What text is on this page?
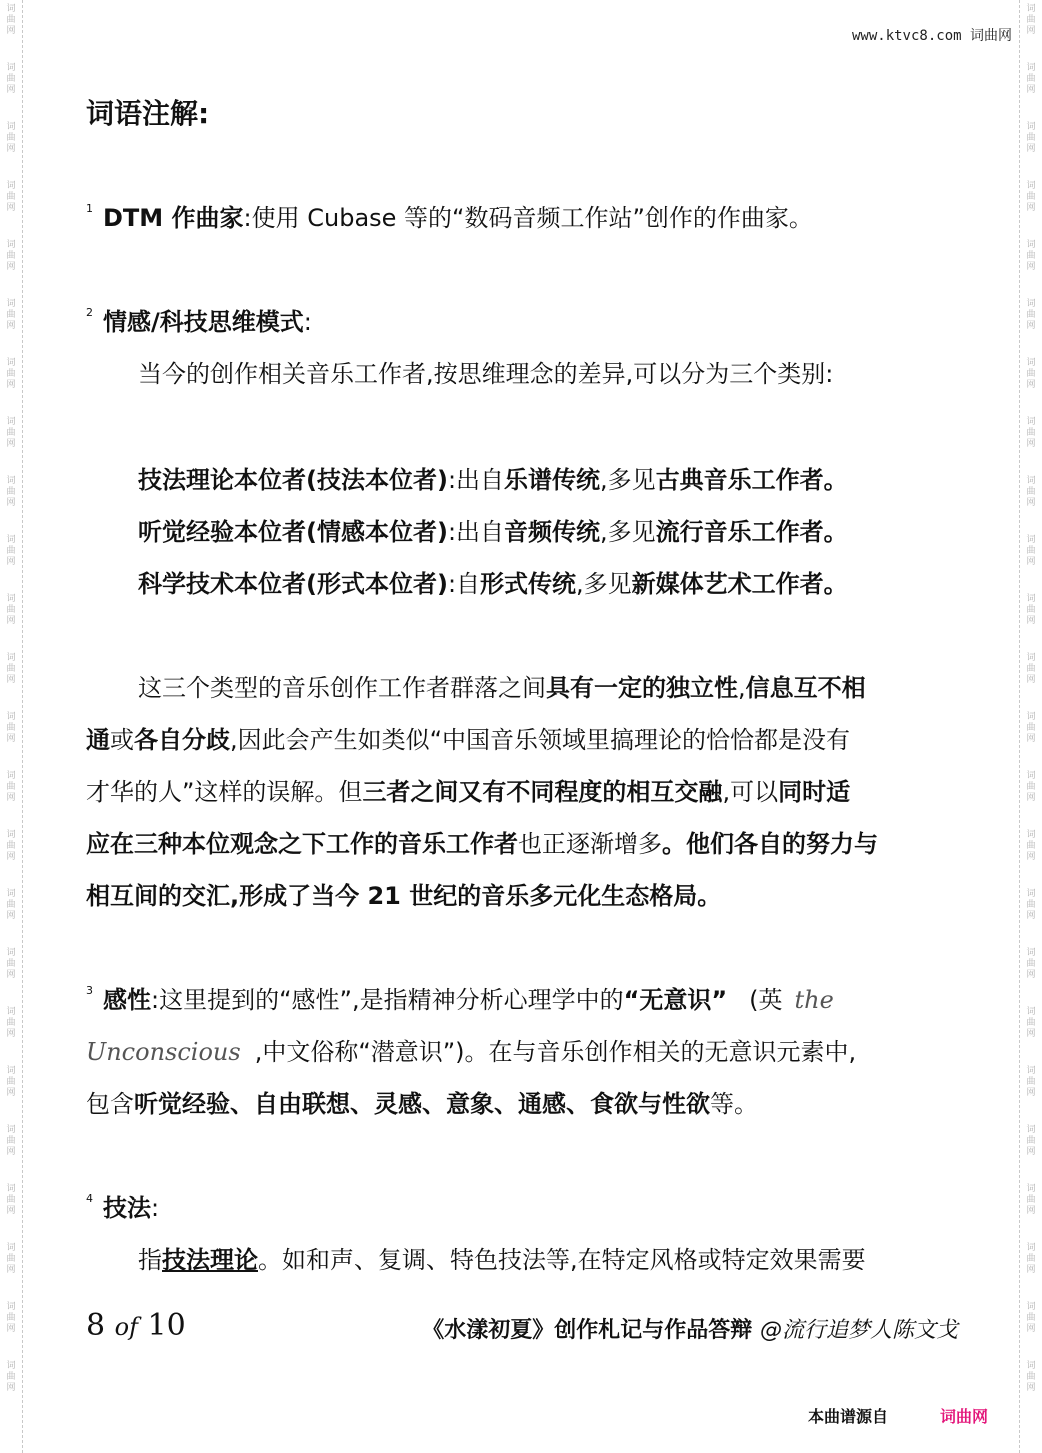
词
曲
网
词
曲
网
词
曲
网
词
曲
网
词
曲
网
词
曲
网
词
曲
网
词
曲
网
词
曲
网
词
曲
网
词
曲
网
词
曲
网
词
曲
网
词
曲
网
词
曲
网
词
曲
网
词
曲
网
词
曲
网
词
曲
网
词
曲
网
词
曲
网
词
曲
网
词
曲
网
词
曲
网
词
曲
网
词
曲
网
词
曲
网
词
曲
网
词
曲
网
词
曲
网
词
曲
网
词
曲
网
词
曲
网
词
曲
网
词
曲
网
词
曲
网
词
曲
网
词
曲
网
词
曲
网
词
曲
网
词
曲
网
词
曲
网
词
曲
网
词
曲
网
词
曲
网
词
曲
网
词
曲
网
词
曲
网
www.ktvc8.com 词曲网
词语注解:
$^1$ DTM 作曲家:使用 Cubase 等的“数码音频工作站”创作的作曲家。
$^2$ 情感/科技思维模式:
当今的创作相关音乐工作者,按思维理念的差异,可以分为三个类别:
技法理论本位者(技法本位者):出自乐谱传统,多见古典音乐工作者。
听觉经验本位者(情感本位者):出自音频传统,多见流行音乐工作者。
科学技术本位者(形式本位者):自形式传统,多见新媒体艺术工作者。
这三个类型的音乐创作工作者群落之间具有一定的独立性,信息互不相
通或各自分歧,因此会产生如类似“中国音乐领域里搞理论的恰恰都是没有
才华的人”这样的误解。但三者之间又有不同程度的相互交融,可以同时适
应在三种本位观念之下工作的音乐工作者也正逐渐增多。他们各自的努力与
相互间的交汇,形成了当今 21 世纪的音乐多元化生态格局。
$^3$ 感性:这里提到的“感性”,是指精神分析心理学中的“无意识” (英 the
Unconscious ,中文俗称“潜意识”)。在与音乐创作相关的无意识元素中,
包含听觉经验、自由联想、灵感、意象、通感、食欲与性欲等。
$^4$ 技法:
指技法理论。如和声、复调、特色技法等,在特定风格或特定效果需要
8 of 10	《水漾初夏》创作札记与作品答辩 @流行追梦人陈文戈
本曲谱源自	词曲网
